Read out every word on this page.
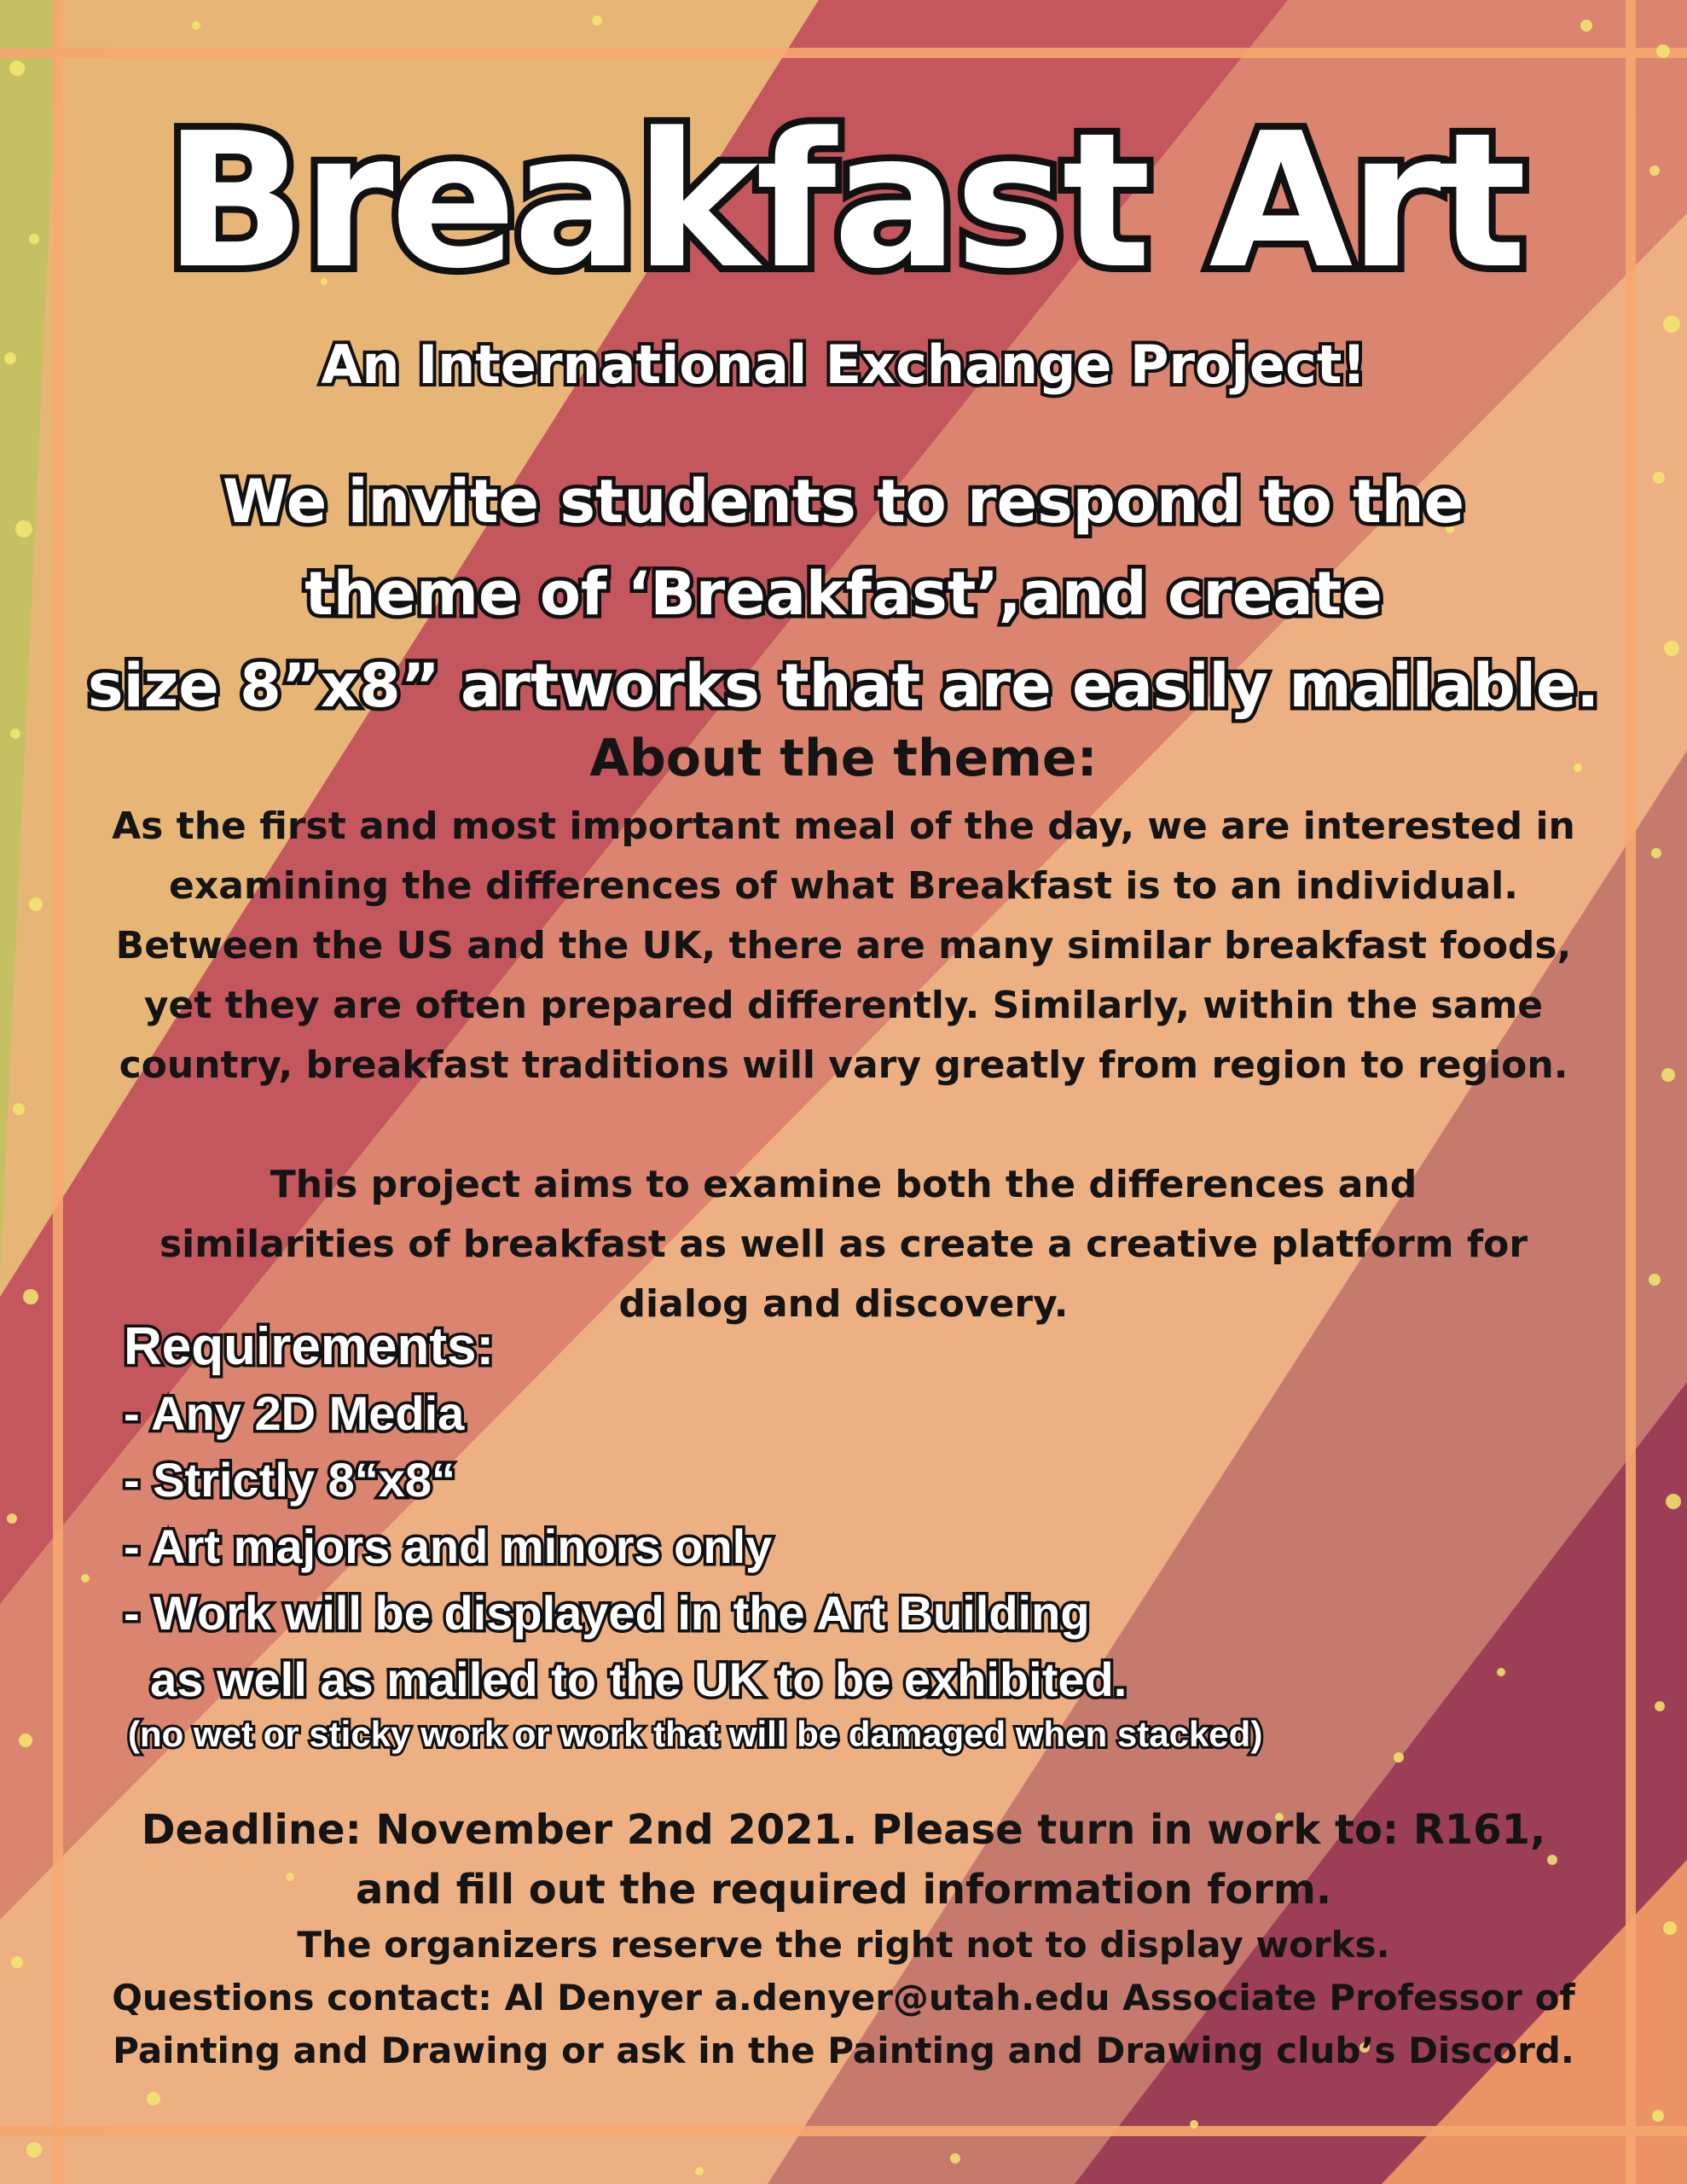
Breakfast Art
An International Exchange Project!
We invite students to respond to the
theme of ‘Breakfast’,and create
size 8”x8” artworks that are easily mailable.
About the theme:
As the first and most important meal of the day, we are interested in
examining the differences of what Breakfast is to an individual.
Between the US and the UK, there are many similar breakfast foods,
yet they are often prepared differently. Similarly, within the same
country, breakfast traditions will vary greatly from region to region.
This project aims to examine both the differences and
similarities of breakfast as well as create a creative platform for
dialog and discovery.
Requirements:
- Any 2D Media
- Strictly 8“x8“
- Art majors and minors only
- Work will be displayed in the Art Building
as well as mailed to the UK to be exhibited.
(no wet or sticky work or work that will be damaged when stacked)
Deadline: November 2nd 2021. Please turn in work to: R161,
and fill out the required information form.
The organizers reserve the right not to display works.
Questions contact: Al Denyer a.denyer@utah.edu Associate Professor of
Painting and Drawing or ask in the Painting and Drawing club’s Discord.
